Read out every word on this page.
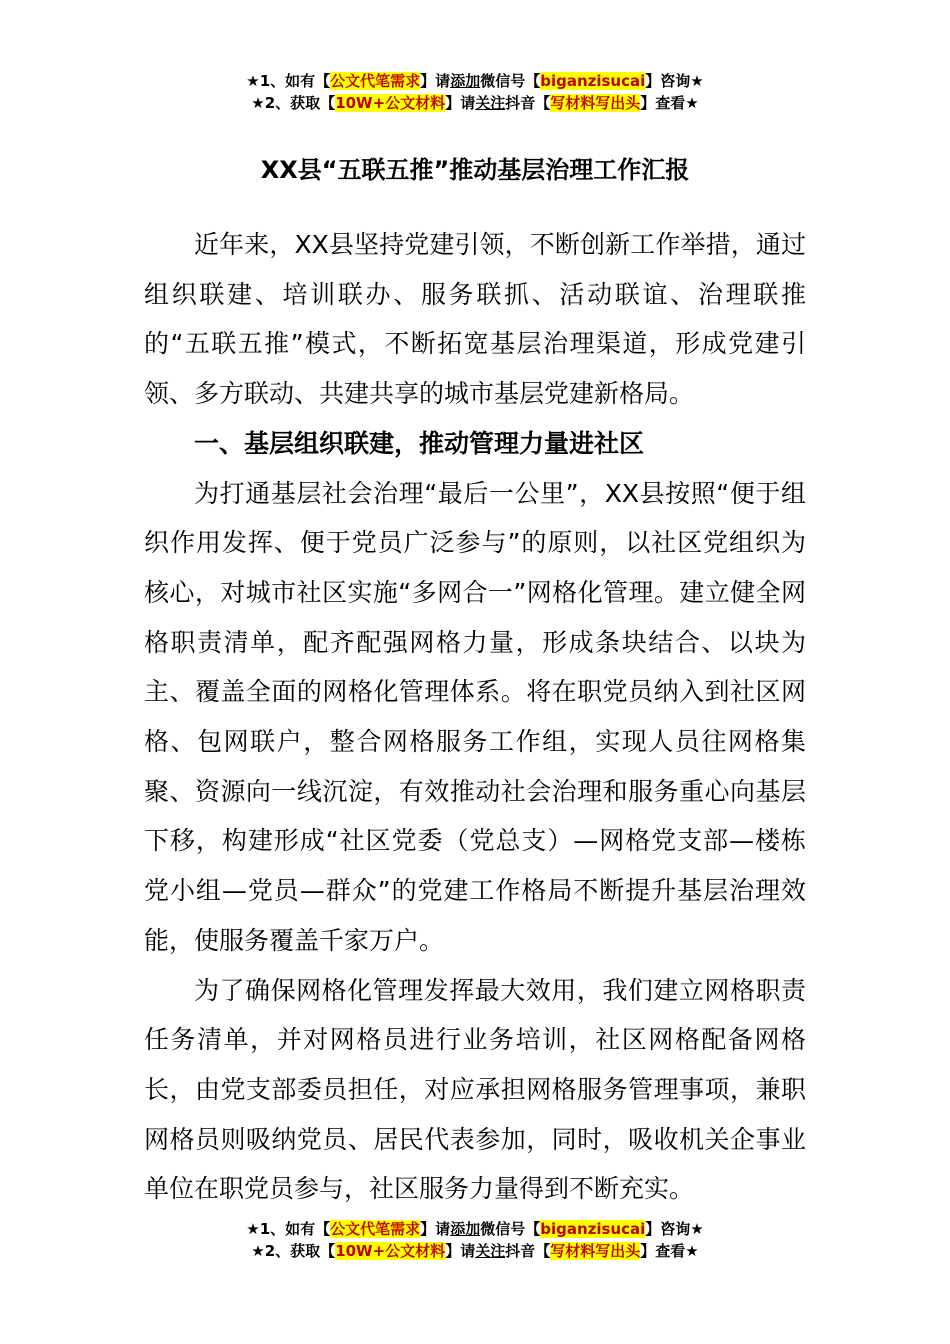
★1、如有【公文代笔需求】请添加微信号【biganzisucai】咨询★
★2、获取【10W+公文材料】请关注抖音【写材料写出头】查看★
XX县“五联五推”推动基层治理工作汇报

近年来，XX县坚持党建引领，不断创新工作举措，通过组织联建、培训联办、服务联抓、活动联谊、治理联推的“五联五推”模式，不断拓宽基层治理渠道，形成党建引领、多方联动、共建共享的城市基层党建新格局。

一、基层组织联建，推动管理力量进社区

为打通基层社会治理“最后一公里”，XX县按照“便于组织作用发挥、便于党员广泛参与”的原则，以社区党组织为核心，对城市社区实施“多网合一”网格化管理。建立健全网格职责清单，配齐配强网格力量，形成条块结合、以块为主、覆盖全面的网格化管理体系。将在职党员纳入到社区网格、包网联户，整合网格服务工作组，实现人员往网格集聚、资源向一线沉淀，有效推动社会治理和服务重心向基层下移，构建形成“社区党委（党总支）—网格党支部—楼栋党小组—党员—群众”的党建工作格局不断提升基层治理效能，使服务覆盖千家万户。

为了确保网格化管理发挥最大效用，我们建立网格职责任务清单，并对网格员进行业务培训，社区网格配备网格长，由党支部委员担任，对应承担网格服务管理事项，兼职网格员则吸纳党员、居民代表参加，同时，吸收机关企事业单位在职党员参与，社区服务力量得到不断充实。

★1、如有【公文代笔需求】请添加微信号【biganzisucai】咨询★
★2、获取【10W+公文材料】请关注抖音【写材料写出头】查看★
